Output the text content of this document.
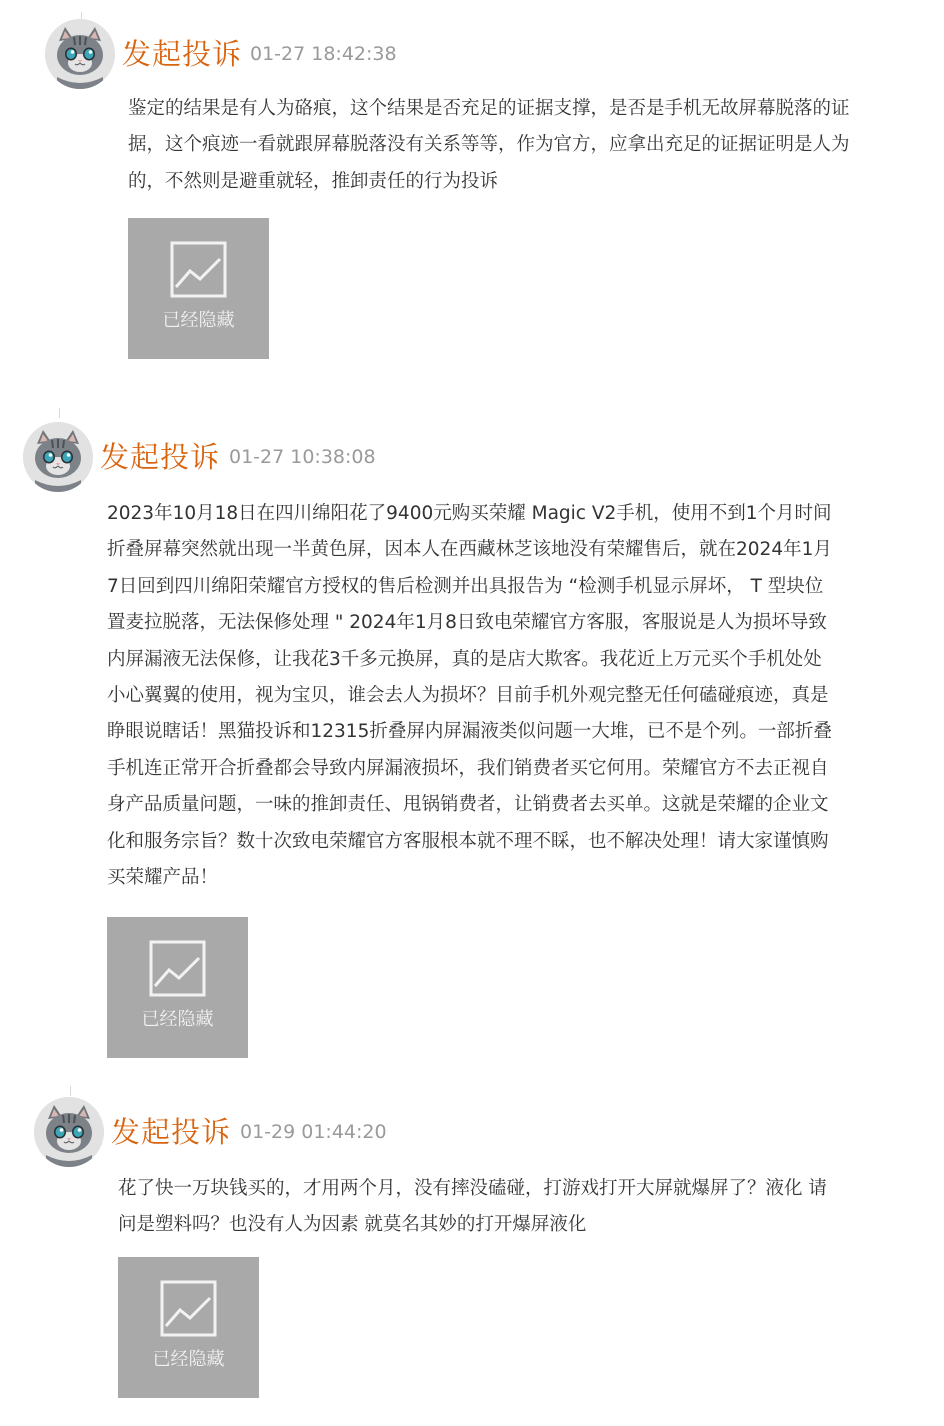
发起投诉 01-27 18:42:38
鉴定的结果是有人为硌痕，这个结果是否充足的证据支撑，是否是手机无故屏幕脱落的证
据，这个痕迹一看就跟屏幕脱落没有关系等等，作为官方，应拿出充足的证据证明是人为
的，不然则是避重就轻，推卸责任的行为投诉
已经隐藏
发起投诉 01-27 10:38:08
2023年10月18日在四川绵阳花了9400元购买荣耀 Magic V2手机，使用不到1个月时间
折叠屏幕突然就出现一半黄色屏，因本人在西藏林芝该地没有荣耀售后，就在2024年1月
7日回到四川绵阳荣耀官方授权的售后检测并出具报告为 “检测手机显示屏坏， T 型块位
置麦拉脱落，无法保修处理 " 2024年1月8日致电荣耀官方客服，客服说是人为损坏导致
内屏漏液无法保修，让我花3千多元换屏，真的是店大欺客。我花近上万元买个手机处处
小心翼翼的使用，视为宝贝，谁会去人为损坏？目前手机外观完整无任何磕碰痕迹，真是
睁眼说瞎话！黑猫投诉和12315折叠屏内屏漏液类似问题一大堆，已不是个列。一部折叠
手机连正常开合折叠都会导致内屏漏液损坏，我们销费者买它何用。荣耀官方不去正视自
身产品质量问题，一味的推卸责任、甩锅销费者，让销费者去买单。这就是荣耀的企业文
化和服务宗旨？数十次致电荣耀官方客服根本就不理不睬，也不解决处理！请大家谨慎购
买荣耀产品！
已经隐藏
发起投诉 01-29 01:44:20
花了快一万块钱买的，才用两个月，没有摔没磕碰，打游戏打开大屏就爆屏了？液化 请
问是塑料吗？也没有人为因素 就莫名其妙的打开爆屏液化
已经隐藏
